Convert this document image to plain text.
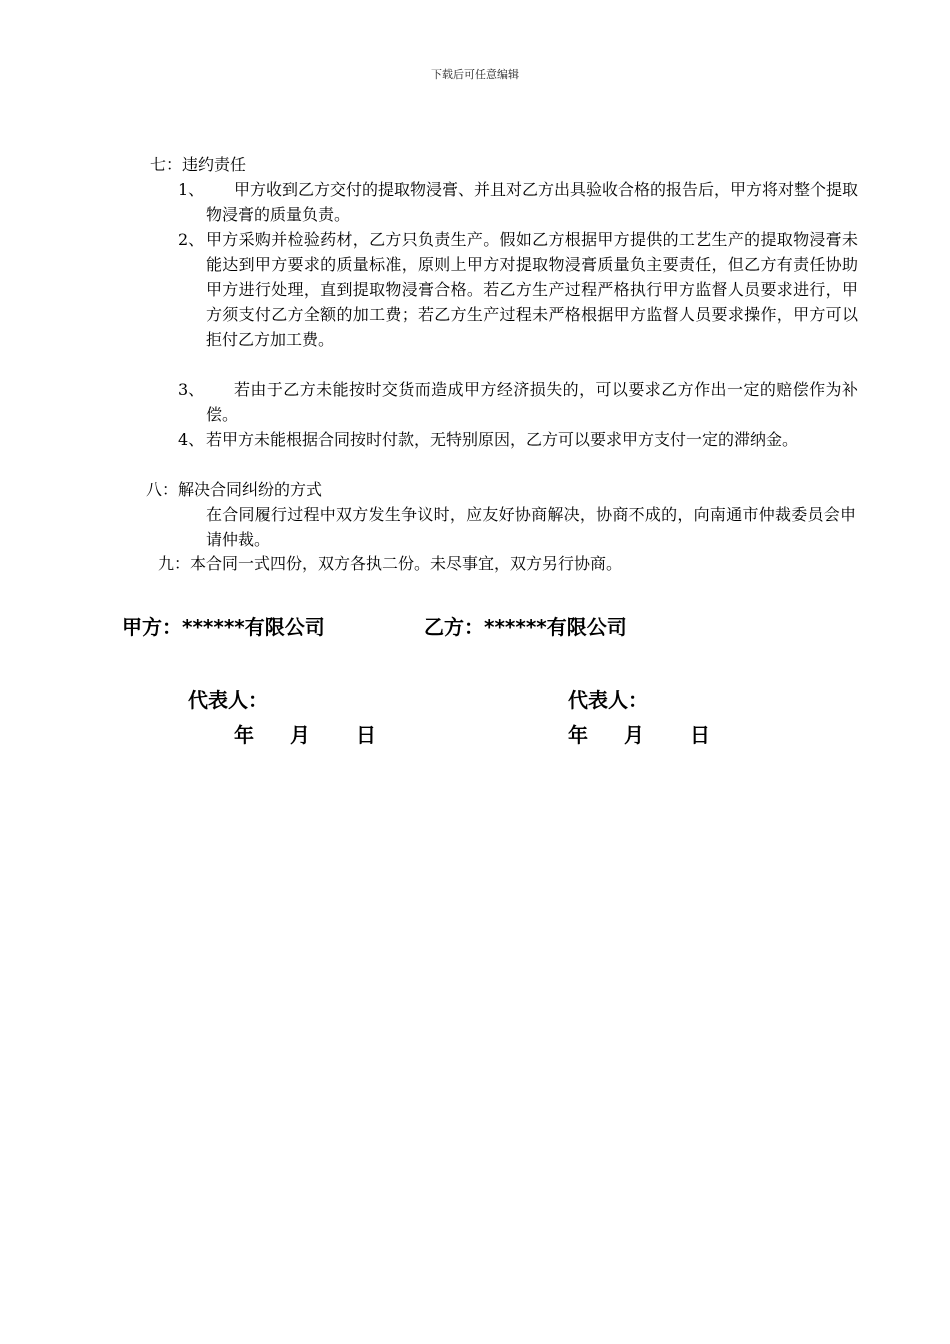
下载后可任意编辑
七：违约责任
1、	甲方收到乙方交付的提取物浸膏、并且对乙方出具验收合格的报告后，甲方将对整个提取物浸膏的质量负责。
2、 甲方采购并检验药材，乙方只负责生产。假如乙方根据甲方提供的工艺生产的提取物浸膏未能达到甲方要求的质量标准，原则上甲方对提取物浸膏质量负主要责任，但乙方有责任协助甲方进行处理，直到提取物浸膏合格。若乙方生产过程严格执行甲方监督人员要求进行，甲方须支付乙方全额的加工费；若乙方生产过程未严格根据甲方监督人员要求操作，甲方可以拒付乙方加工费。
3、	若由于乙方未能按时交货而造成甲方经济损失的，可以要求乙方作出一定的赔偿作为补偿。
4、 若甲方未能根据合同按时付款，无特别原因，乙方可以要求甲方支付一定的滞纳金。
八：解决合同纠纷的方式
在合同履行过程中双方发生争议时，应友好协商解决，协商不成的，向南通市仲裁委员会申请仲裁。
九：本合同一式四份，双方各执二份。未尽事宜，双方另行协商。
甲方：******有限公司	乙方：******有限公司
代表人：	代表人：
年	月	日	年	月	日
